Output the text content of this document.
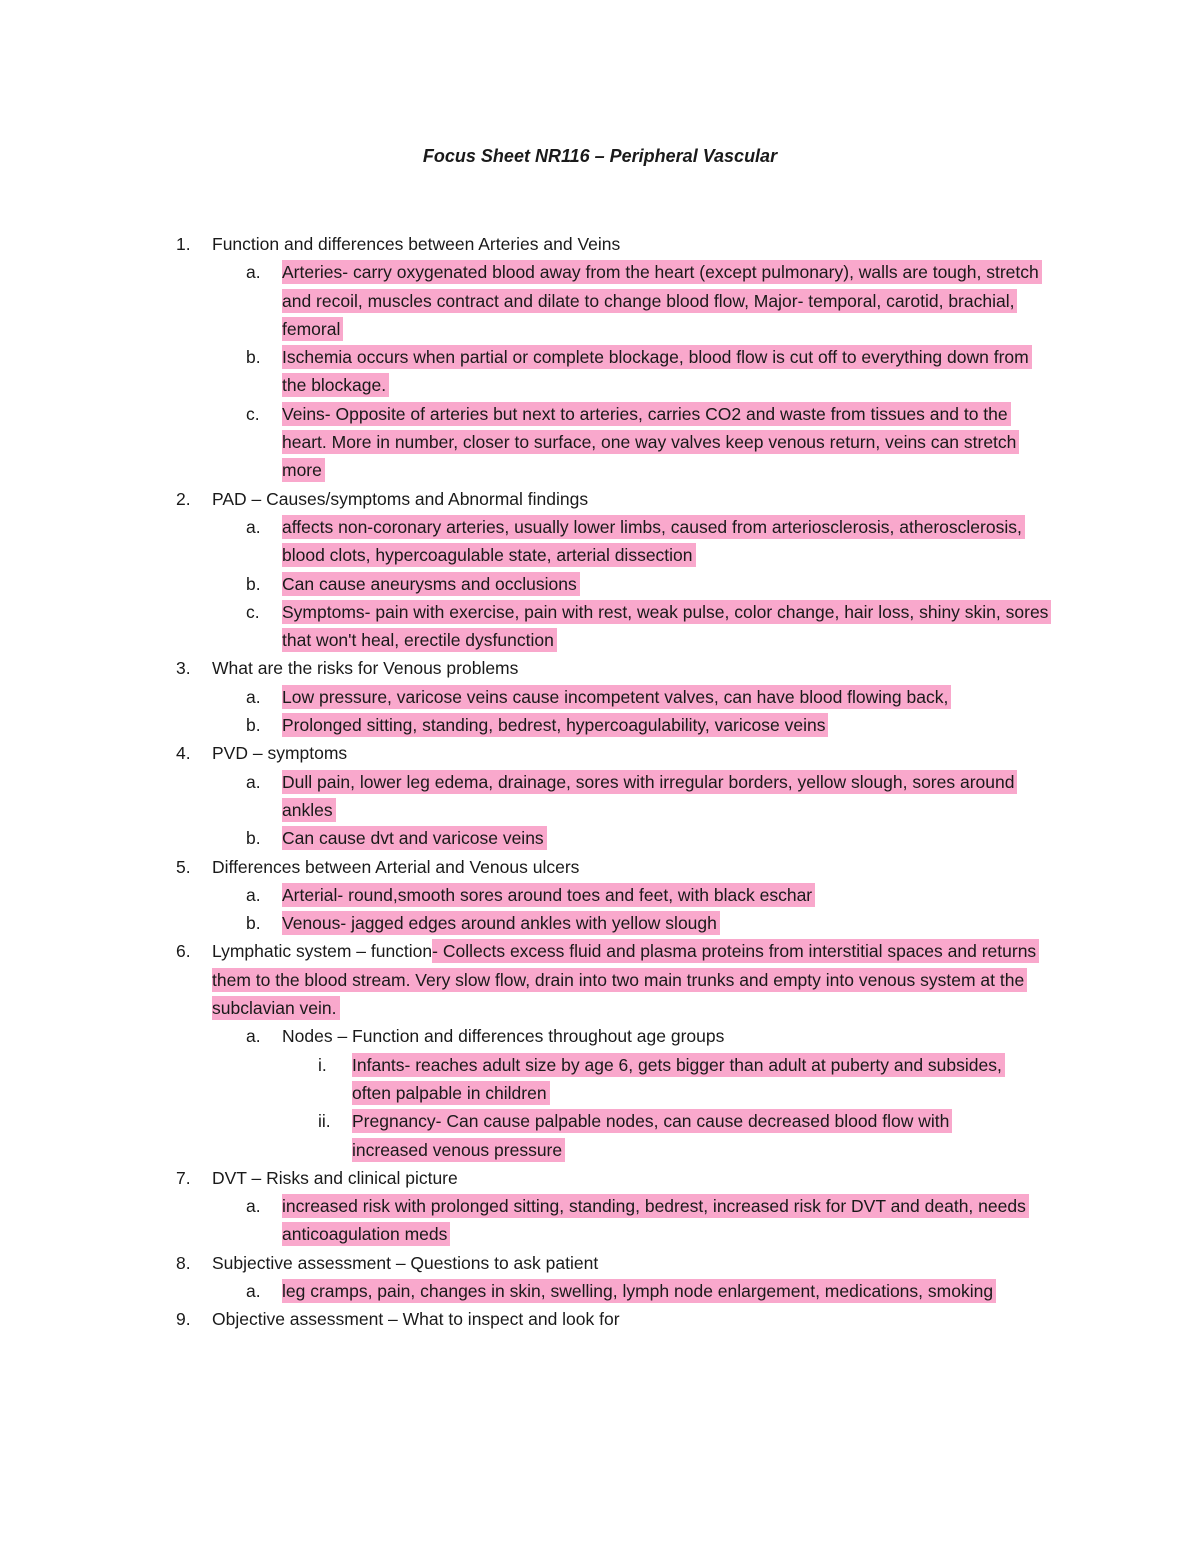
Focus Sheet NR116 – Peripheral Vascular
1. Function and differences between Arteries and Veins
a. Arteries- carry oxygenated blood away from the heart (except pulmonary), walls are tough, stretch and recoil, muscles contract and dilate to change blood flow, Major- temporal, carotid, brachial, femoral
b. Ischemia occurs when partial or complete blockage, blood flow is cut off to everything down from the blockage.
c. Veins- Opposite of arteries but next to arteries, carries CO2 and waste from tissues and to the heart. More in number, closer to surface, one way valves keep venous return, veins can stretch more
2. PAD – Causes/symptoms and Abnormal findings
a. affects non-coronary arteries, usually lower limbs, caused from arteriosclerosis, atherosclerosis, blood clots, hypercoagulable state, arterial dissection
b. Can cause aneurysms and occlusions
c. Symptoms- pain with exercise, pain with rest, weak pulse, color change, hair loss, shiny skin, sores that won't heal, erectile dysfunction
3. What are the risks for Venous problems
a. Low pressure, varicose veins cause incompetent valves, can have blood flowing back,
b. Prolonged sitting, standing, bedrest, hypercoagulability, varicose veins
4. PVD – symptoms
a. Dull pain, lower leg edema, drainage, sores with irregular borders, yellow slough, sores around ankles
b. Can cause dvt and varicose veins
5. Differences between Arterial and Venous ulcers
a. Arterial- round,smooth sores around toes and feet, with black eschar
b. Venous- jagged edges around ankles with yellow slough
6. Lymphatic system – function- Collects excess fluid and plasma proteins from interstitial spaces and returns them to the blood stream. Very slow flow, drain into two main trunks and empty into venous system at the subclavian vein.
a. Nodes – Function and differences throughout age groups
i. Infants- reaches adult size by age 6, gets bigger than adult at puberty and subsides, often palpable in children
ii. Pregnancy- Can cause palpable nodes, can cause decreased blood flow with increased venous pressure
7. DVT – Risks and clinical picture
a. increased risk with prolonged sitting, standing, bedrest, increased risk for DVT and death, needs anticoagulation meds
8. Subjective assessment – Questions to ask patient
a. leg cramps, pain, changes in skin, swelling, lymph node enlargement, medications, smoking
9. Objective assessment – What to inspect and look for
